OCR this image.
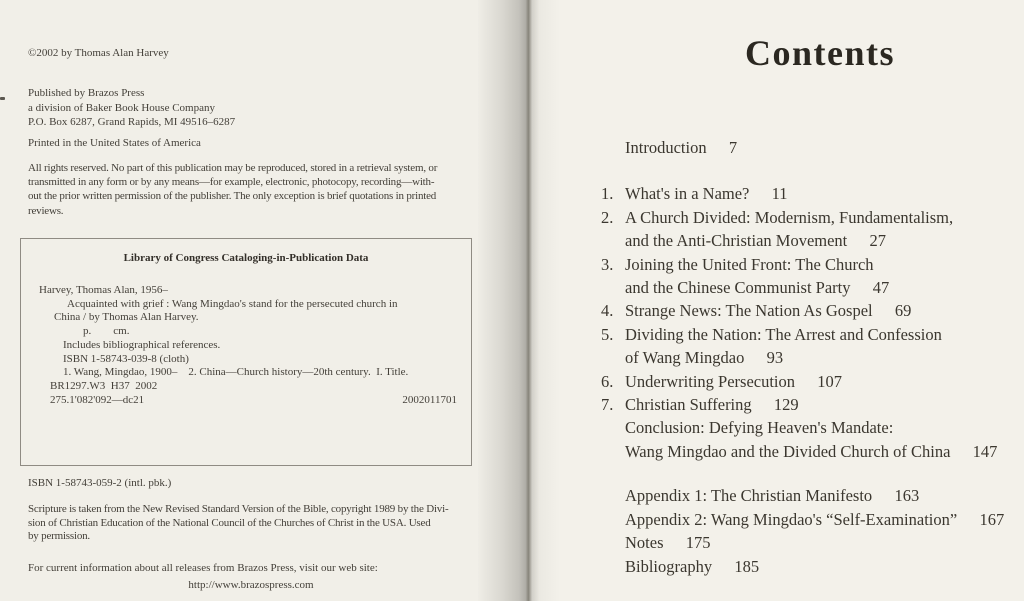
©2002 by Thomas Alan Harvey
Published by Brazos Press
a division of Baker Book House Company
P.O. Box 6287, Grand Rapids, MI 49516–6287
Printed in the United States of America
All rights reserved. No part of this publication may be reproduced, stored in a retrieval system, or
transmitted in any form or by any means—for example, electronic, photocopy, recording—with-
out the prior written permission of the publisher. The only exception is brief quotations in printed
reviews.
Library of Congress Cataloging-in-Publication Data
Harvey, Thomas Alan, 1956–
Acquainted with grief : Wang Mingdao's stand for the persecuted church in
China / by Thomas Alan Harvey.
p.        cm.
Includes bibliographical references.
ISBN 1-58743-039-8 (cloth)
1. Wang, Mingdao, 1900–    2. China—Church history—20th century.  I. Title.
BR1297.W3  H37  2002
275.1'082'092—dc21	2002011701
ISBN 1-58743-059-2 (intl. pbk.)
Scripture is taken from the New Revised Standard Version of the Bible, copyright 1989 by the Divi-
sion of Christian Education of the National Council of the Churches of Christ in the USA. Used
by permission.
For current information about all releases from Brazos Press, visit our web site:
http://www.brazospress.com
Contents
Introduction 7
1. What's in a Name? 11
2. A Church Divided: Modernism, Fundamentalism,
and the Anti-Christian Movement 27
3. Joining the United Front: The Church
and the Chinese Communist Party 47
4. Strange News: The Nation As Gospel 69
5. Dividing the Nation: The Arrest and Confession
of Wang Mingdao 93
6. Underwriting Persecution 107
7. Christian Suffering 129
Conclusion: Defying Heaven's Mandate:
Wang Mingdao and the Divided Church of China 147
Appendix 1: The Christian Manifesto 163
Appendix 2: Wang Mingdao's “Self-Examination” 167
Notes 175
Bibliography 185
